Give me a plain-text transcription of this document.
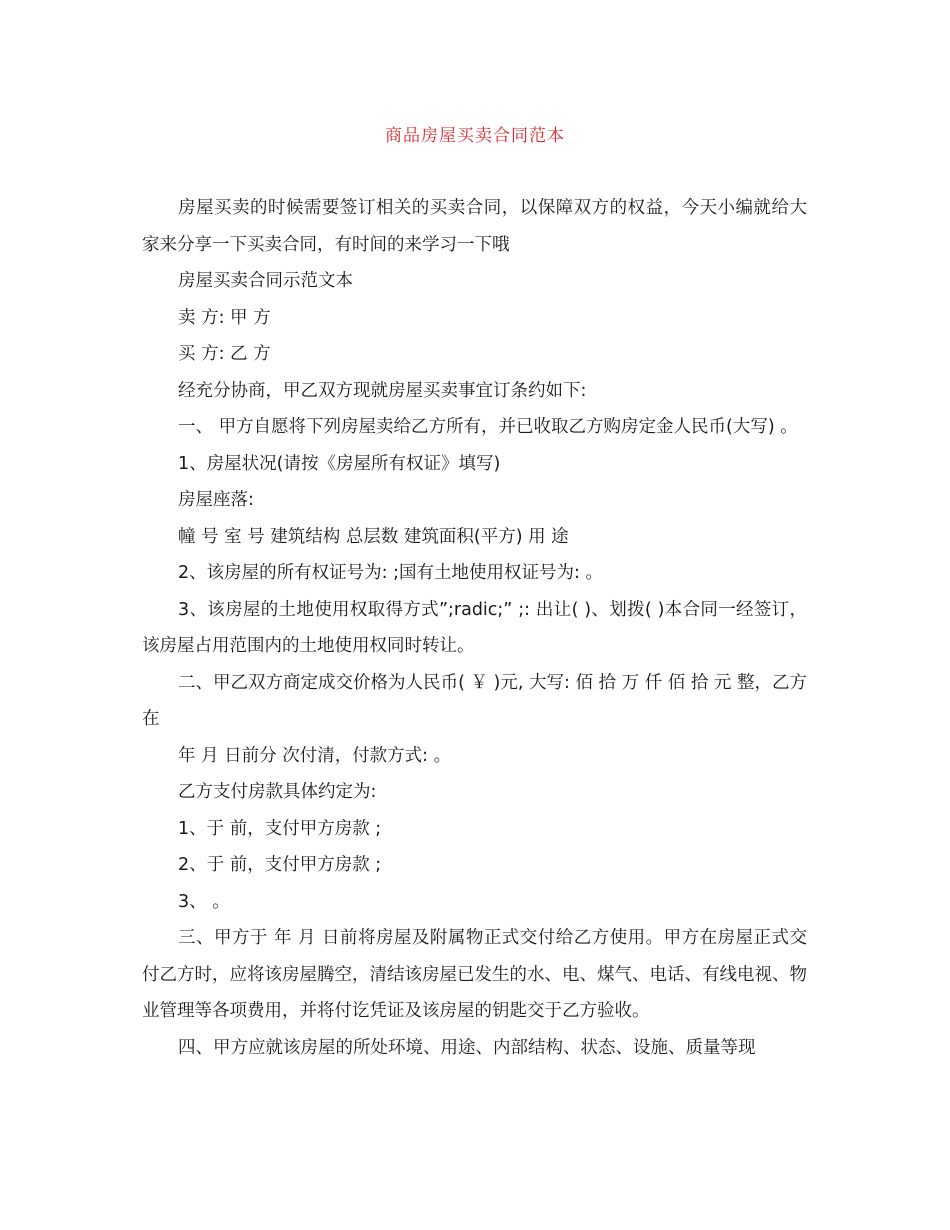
商品房屋买卖合同范本

房屋买卖的时候需要签订相关的买卖合同，以保障双方的权益，今天小编就给大家来分享一下买卖合同，有时间的来学习一下哦

房屋买卖合同示范文本

卖 方: 甲 方

买 方: 乙 方

经充分协商，甲乙双方现就房屋买卖事宜订条约如下:

一、 甲方自愿将下列房屋卖给乙方所有，并已收取乙方购房定金人民币(大写) 。

1、房屋状况(请按《房屋所有权证》填写)

房屋座落:

幢 号 室 号 建筑结构 总层数 建筑面积(平方) 用 途

2、该房屋的所有权证号为: ;国有土地使用权证号为: 。

3、该房屋的土地使用权取得方式”;radic;” ;: 出让( )、划拨( )本合同一经签订，该房屋占用范围内的土地使用权同时转让。

二、甲乙双方商定成交价格为人民币( ￥ )元, 大写: 佰 拾 万 仟 佰 拾 元 整，乙方在

年 月 日前分 次付清，付款方式: 。

乙方支付房款具体约定为:

1、于 前，支付甲方房款 ;

2、于 前，支付甲方房款 ;

3、 。

三、甲方于 年 月 日前将房屋及附属物正式交付给乙方使用。甲方在房屋正式交付乙方时，应将该房屋腾空，清结该房屋已发生的水、电、煤气、电话、有线电视、物业管理等各项费用，并将付讫凭证及该房屋的钥匙交于乙方验收。

四、甲方应就该房屋的所处环境、用途、内部结构、状态、设施、质量等现
